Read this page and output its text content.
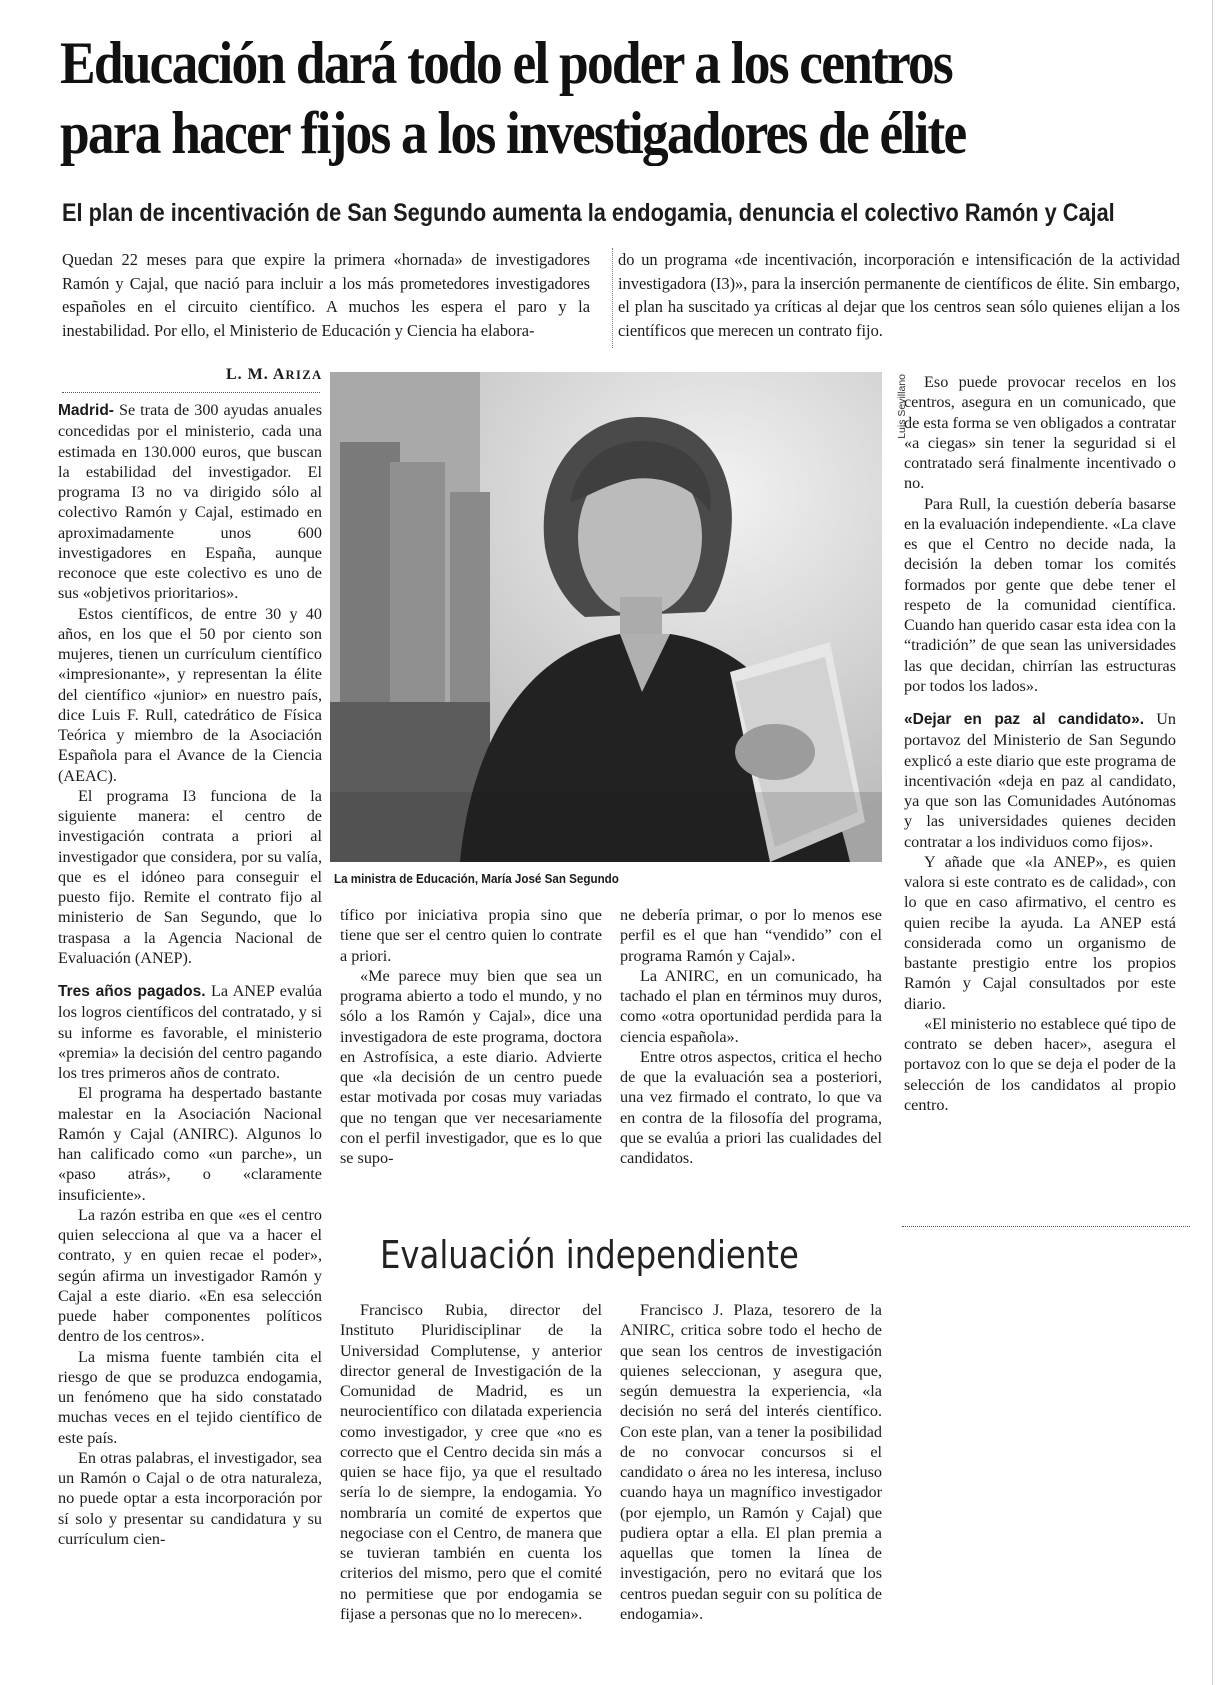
Educación dará todo el poder a los centros
para hacer fijos a los investigadores de élite
El plan de incentivación de San Segundo aumenta la endogamia, denuncia el colectivo Ramón y Cajal

Quedan 22 meses para que expire la primera «hornada» de investigadores Ramón y Cajal, que nació para incluir a los más prometedores investigadores españoles en el circuito científico. A muchos les espera el paro y la inestabilidad. Por ello, el Ministerio de Educación y Ciencia ha elabora-

do un programa «de incentivación, incorporación e intensificación de la actividad investigadora (I3)», para la inserción permanente de científicos de élite. Sin embargo, el plan ha suscitado ya críticas al dejar que los centros sean sólo quienes elijan a los científicos que merecen un contrato fijo.

L. M. ARIZA	Luis Sevillano
La ministra de Educación, María José San Segundo

Madrid- Se trata de 300 ayudas anuales concedidas por el ministerio, cada una estimada en 130.000 euros, que buscan la estabilidad del investigador. El programa I3 no va dirigido sólo al colectivo Ramón y Cajal, estimado en aproximadamente unos 600 investigadores en España, aunque reconoce que este colectivo es uno de sus «objetivos prioritarios».

Estos científicos, de entre 30 y 40 años, en los que el 50 por ciento son mujeres, tienen un currículum científico «impresionante», y representan la élite del científico «junior» en nuestro país, dice Luis F. Rull, catedrático de Física Teórica y miembro de la Asociación Española para el Avance de la Ciencia (AEAC).

El programa I3 funciona de la siguiente manera: el centro de investigación contrata a priori al investigador que considera, por su valía, que es el idóneo para conseguir el puesto fijo. Remite el contrato fijo al ministerio de San Segundo, que lo traspasa a la Agencia Nacional de Evaluación (ANEP).

Tres años pagados. La ANEP evalúa los logros científicos del contratado, y si su informe es favorable, el ministerio «premia» la decisión del centro pagando los tres primeros años de contrato.

El programa ha despertado bastante malestar en la Asociación Nacional Ramón y Cajal (ANIRC). Algunos lo han calificado como «un parche», un «paso atrás», o «claramente insuficiente».

La razón estriba en que «es el centro quien selecciona al que va a hacer el contrato, y en quien recae el poder», según afirma un investigador Ramón y Cajal a este diario. «En esa selección puede haber componentes políticos dentro de los centros».

La misma fuente también cita el riesgo de que se produzca endogamia, un fenómeno que ha sido constatado muchas veces en el tejido científico de este país.

En otras palabras, el investigador, sea un Ramón o Cajal o de otra naturaleza, no puede optar a esta incorporación por sí solo y presentar su candidatura y su currículum cien-

tífico por iniciativa propia sino que tiene que ser el centro quien lo contrate a priori.

«Me parece muy bien que sea un programa abierto a todo el mundo, y no sólo a los Ramón y Cajal», dice una investigadora de este programa, doctora en Astrofísica, a este diario. Advierte que «la decisión de un centro puede estar motivada por cosas muy variadas que no tengan que ver necesariamente con el perfil investigador, que es lo que se supo-

ne debería primar, o por lo menos ese perfil es el que han “vendido” con el programa Ramón y Cajal».

La ANIRC, en un comunicado, ha tachado el plan en términos muy duros, como «otra oportunidad perdida para la ciencia española».

Entre otros aspectos, critica el hecho de que la evaluación sea a posteriori, una vez firmado el contrato, lo que va en contra de la filosofía del programa, que se evalúa a priori las cualidades del candidatos.

Eso puede provocar recelos en los centros, asegura en un comunicado, que de esta forma se ven obligados a contratar «a ciegas» sin tener la seguridad si el contratado será finalmente incentivado o no.

Para Rull, la cuestión debería basarse en la evaluación independiente. «La clave es que el Centro no decide nada, la decisión la deben tomar los comités formados por gente que debe tener el respeto de la comunidad científica. Cuando han querido casar esta idea con la “tradición” de que sean las universidades las que decidan, chirrían las estructuras por todos los lados».

«Dejar en paz al candidato». Un portavoz del Ministerio de San Segundo explicó a este diario que este programa de incentivación «deja en paz al candidato, ya que son las Comunidades Autónomas y las universidades quienes deciden contratar a los individuos como fijos».

Y añade que «la ANEP», es quien valora si este contrato es de calidad», con lo que en caso afirmativo, el centro es quien recibe la ayuda. La ANEP está considerada como un organismo de bastante prestigio entre los propios Ramón y Cajal consultados por este diario.

«El ministerio no establece qué tipo de contrato se deben hacer», asegura el portavoz con lo que se deja el poder de la selección de los candidatos al propio centro.

Evaluación independiente

Francisco Rubia, director del Instituto Pluridisciplinar de la Universidad Complutense, y anterior director general de Investigación de la Comunidad de Madrid, es un neurocientífico con dilatada experiencia como investigador, y cree que «no es correcto que el Centro decida sin más a quien se hace fijo, ya que el resultado sería lo de siempre, la endogamia. Yo nombraría un comité de expertos que negociase con el Centro, de manera que se tuvieran también en cuenta los criterios del mismo, pero que el comité no permitiese que por endogamia se fijase a personas que no lo merecen».

Francisco J. Plaza, tesorero de la ANIRC, critica sobre todo el hecho de que sean los centros de investigación quienes seleccionan, y asegura que, según demuestra la experiencia, «la decisión no será del interés científico. Con este plan, van a tener la posibilidad de no convocar concursos si el candidato o área no les interesa, incluso cuando haya un magnífico investigador (por ejemplo, un Ramón y Cajal) que pudiera optar a ella. El plan premia a aquellas que tomen la línea de investigación, pero no evitará que los centros puedan seguir con su política de endogamia».
